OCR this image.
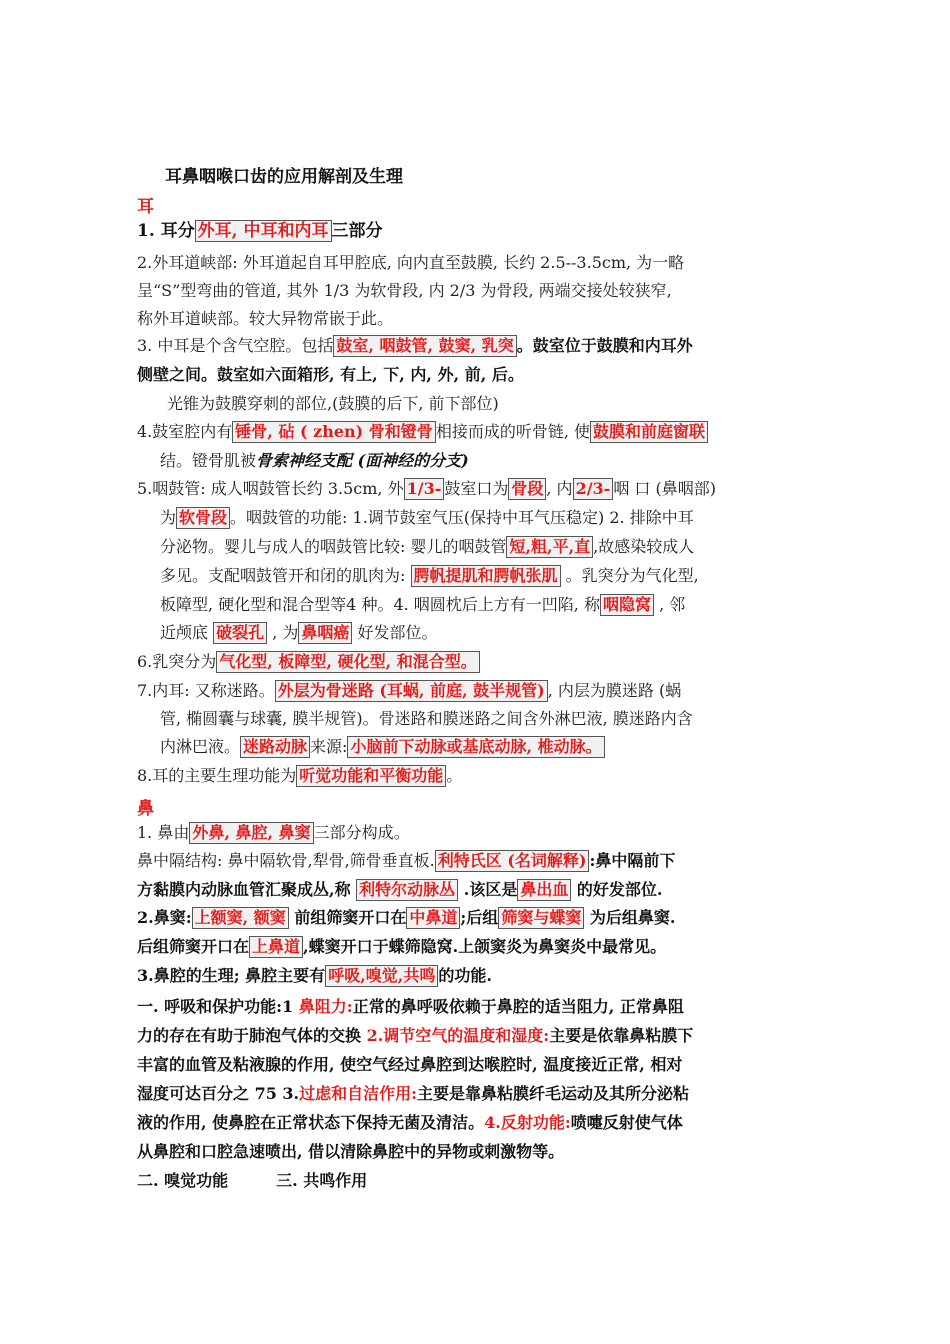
耳鼻咽喉口齿的应用解剖及生理
耳
1. 耳分 外耳, 中耳和内耳 三部分
2.外耳道峡部: 外耳道起自耳甲腔底, 向内直至鼓膜, 长约 2.5--3.5cm, 为一略
呈“S”型弯曲的管道, 其外 1/3 为软骨段, 内 2/3 为骨段, 两端交接处较狭窄,
称外耳道峡部。较大异物常嵌于此。
3. 中耳是个含气空腔。包括 鼓室, 咽鼓管, 鼓窦, 乳突 。鼓室位于鼓膜和内耳外
侧壁之间。鼓室如六面箱形, 有上, 下, 内, 外, 前, 后。
光锥为鼓膜穿刺的部位,(鼓膜的后下, 前下部位)
4.鼓室腔内有 锤骨, 砧 ( zhen) 骨和镫骨 相接而成的听骨链, 使 鼓膜和前庭窗联
结。镫骨肌被骨索神经支配 (面神经的分支)
5.咽鼓管: 成人咽鼓管长约 3.5cm, 外 1/3- 鼓室口为 骨段 , 内 2/3- 咽 口 (鼻咽部)
为 软骨段 。咽鼓管的功能: 1.调节鼓室气压(保持中耳气压稳定) 2. 排除中耳
分泌物。婴儿与成人的咽鼓管比较: 婴儿的咽鼓管 短,粗,平,直 ,故感染较成人
多见。支配咽鼓管开和闭的肌肉为: 腭帆提肌和腭帆张肌 。乳突分为气化型,
板障型, 硬化型和混合型等4 种。4. 咽圆枕后上方有一凹陷, 称 咽隐窝 , 邻
近颅底 破裂孔 , 为 鼻咽癌 好发部位。
6.乳突分为 气化型, 板障型, 硬化型, 和混合型。
7.内耳: 又称迷路。 外层为骨迷路 (耳蜗, 前庭, 鼓半规管) , 内层为膜迷路 (蜗
管, 椭圆囊与球囊, 膜半规管)。骨迷路和膜迷路之间含外淋巴液, 膜迷路内含
内淋巴液。 迷路动脉 来源: 小脑前下动脉或基底动脉, 椎动脉。
8.耳的主要生理功能为 听觉功能和平衡功能 。
鼻
1. 鼻由 外鼻, 鼻腔, 鼻窦 三部分构成。
鼻中隔结构: 鼻中隔软骨,犁骨,筛骨垂直板. 利特氏区 (名词解释) :鼻中隔前下
方黏膜内动脉血管汇聚成丛,称 利特尔动脉丛 .该区是 鼻出血 的好发部位.
2.鼻窦: 上额窦, 额窦 前组筛窦开口在 中鼻道 ;后组 筛窦与蝶窦 为后组鼻窦.
后组筛窦开口在 上鼻道 ,蝶窦开口于蝶筛隐窝.上颌窦炎为鼻窦炎中最常见。
3.鼻腔的生理; 鼻腔主要有 呼吸,嗅觉,共鸣 的功能.
一. 呼吸和保护功能:1 鼻阻力:正常的鼻呼吸依赖于鼻腔的适当阻力, 正常鼻阻
力的存在有助于肺泡气体的交换 2.调节空气的温度和湿度:主要是依靠鼻粘膜下
丰富的血管及粘液腺的作用, 使空气经过鼻腔到达喉腔时, 温度接近正常, 相对
湿度可达百分之 75 3.过虑和自洁作用:主要是靠鼻粘膜纤毛运动及其所分泌粘
液的作用, 使鼻腔在正常状态下保持无菌及清洁。4.反射功能:喷嚏反射使气体
从鼻腔和口腔急速喷出, 借以清除鼻腔中的异物或刺激物等。
二. 嗅觉功能	三. 共鸣作用
